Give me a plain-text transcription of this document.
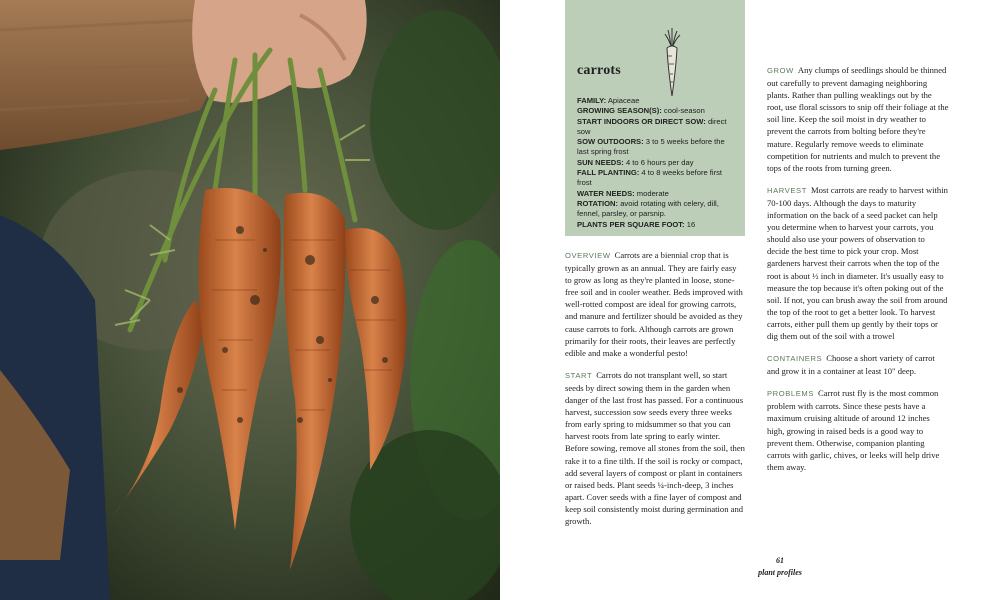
carrots
FAMILY: Apiaceae
GROWING SEASON(S): cool-season
START INDOORS OR DIRECT SOW: direct sow
SOW OUTDOORS: 3 to 5 weeks before the last spring frost
SUN NEEDS: 4 to 6 hours per day
FALL PLANTING: 4 to 8 weeks before first frost
WATER NEEDS: moderate
ROTATION: avoid rotating with celery, dill, fennel, parsley, or parsnip.
PLANTS PER SQUARE FOOT: 16

OVERVIEW Carrots are a biennial crop that is typically grown as an annual. They are fairly easy to grow as long as they're planted in loose, stone-free soil and in cooler weather. Beds improved with well-rotted compost are ideal for growing carrots, and manure and fertilizer should be avoided as they cause carrots to fork. Although carrots are grown primarily for their roots, their leaves are perfectly edible and make a wonderful pesto!

START Carrots do not transplant well, so start seeds by direct sowing them in the garden when danger of the last frost has passed. For a continuous harvest, succession sow seeds every three weeks from early spring to midsummer so that you can harvest roots from late spring to early winter. Before sowing, remove all stones from the soil, then rake it to a fine tilth. If the soil is rocky or compact, add several layers of compost or plant in containers or raised beds. Plant seeds ¼-inch-deep, 3 inches apart. Cover seeds with a fine layer of compost and keep soil consistently moist during germination and growth.

GROW Any clumps of seedlings should be thinned out carefully to prevent damaging neighboring plants. Rather than pulling weaklings out by the root, use floral scissors to snip off their foliage at the soil line. Keep the soil moist in dry weather to prevent the carrots from bolting before they're mature. Regularly remove weeds to eliminate competition for nutrients and mulch to prevent the tops of the roots from turning green.

HARVEST Most carrots are ready to harvest within 70-100 days. Although the days to maturity information on the back of a seed packet can help you determine when to harvest your carrots, you should also use your powers of observation to decide the best time to pick your crop. Most gardeners harvest their carrots when the top of the root is about ½ inch in diameter. It's usually easy to measure the top because it's often poking out of the soil. If not, you can brush away the soil from around the top of the root to get a better look. To harvest carrots, either pull them up gently by their tops or dig them out of the soil with a trowel

CONTAINERS Choose a short variety of carrot and grow it in a container at least 10" deep.

PROBLEMS Carrot rust fly is the most common problem with carrots. Since these pests have a maximum cruising altitude of around 12 inches high, growing in raised beds is a good way to prevent them. Otherwise, companion planting carrots with garlic, chives, or leeks will help drive them away.

61
plant profiles
